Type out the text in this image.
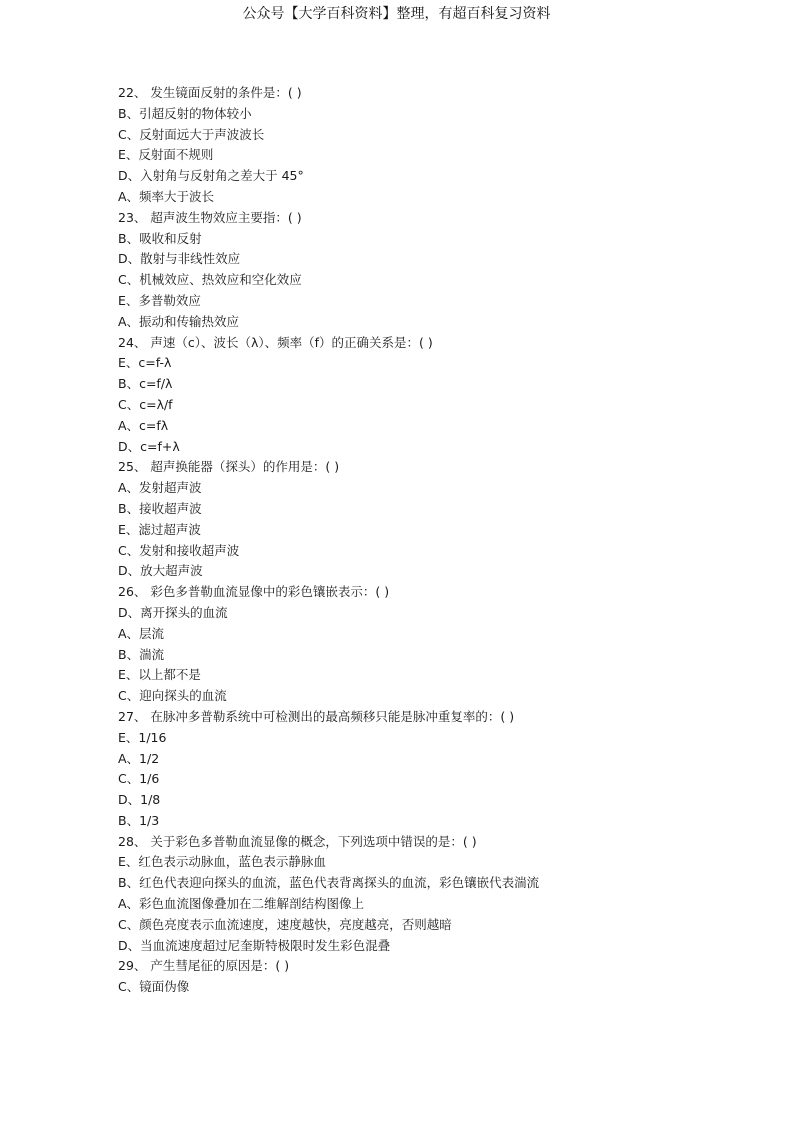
公众号【大学百科资料】整理，有超百科复习资料
22、 发生镜面反射的条件是：( )
B、引超反射的物体较小
C、反射面远大于声波波长
E、反射面不规则
D、入射角与反射角之差大于 45°
A、频率大于波长
23、 超声波生物效应主要指：( )
B、吸收和反射
D、散射与非线性效应
C、机械效应、热效应和空化效应
E、多普勒效应
A、振动和传输热效应
24、 声速（c）、波长（λ）、频率（f）的正确关系是：( )
E、c=f-λ
B、c=f/λ
C、c=λ/f
A、c=fλ
D、c=f+λ
25、 超声换能器（探头）的作用是：( )
A、发射超声波
B、接收超声波
E、滤过超声波
C、发射和接收超声波
D、放大超声波
26、 彩色多普勒血流显像中的彩色镶嵌表示：( )
D、离开探头的血流
A、层流
B、湍流
E、以上都不是
C、迎向探头的血流
27、 在脉冲多普勒系统中可检测出的最高频移只能是脉冲重复率的：( )
E、1/16
A、1/2
C、1/6
D、1/8
B、1/3
28、 关于彩色多普勒血流显像的概念，下列选项中错误的是：( )
E、红色表示动脉血，蓝色表示静脉血
B、红色代表迎向探头的血流，蓝色代表背离探头的血流，彩色镶嵌代表湍流
A、彩色血流图像叠加在二维解剖结构图像上
C、颜色亮度表示血流速度，速度越快，亮度越亮，否则越暗
D、当血流速度超过尼奎斯特极限时发生彩色混叠
29、 产生彗尾征的原因是：( )
C、镜面伪像
